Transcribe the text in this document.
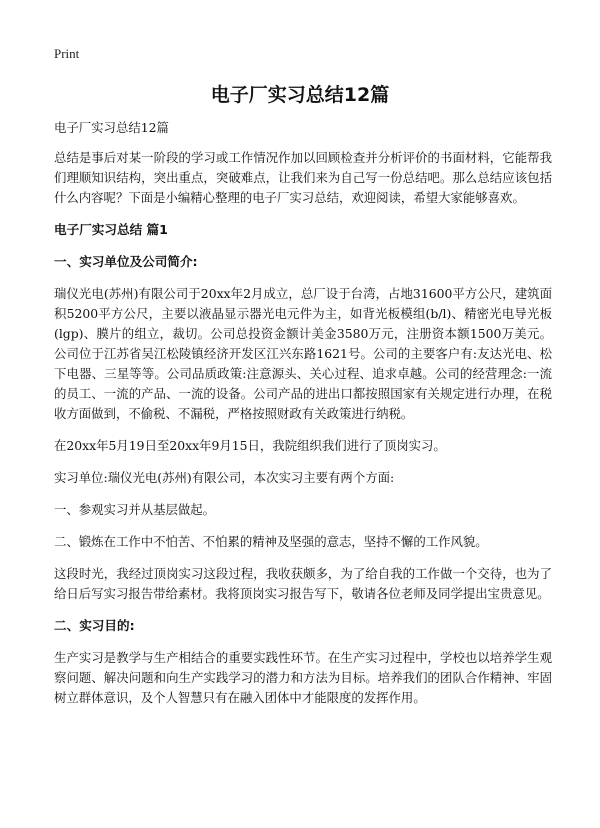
Print
电子厂实习总结12篇

电子厂实习总结12篇

总结是事后对某一阶段的学习或工作情况作加以回顾检查并分析评价的书面材料，它能帮我们理顺知识结构，突出重点，突破难点，让我们来为自己写一份总结吧。那么总结应该包括什么内容呢？下面是小编精心整理的电子厂实习总结，欢迎阅读，希望大家能够喜欢。

电子厂实习总结 篇1
一、实习单位及公司简介:

瑞仪光电(苏州)有限公司于20xx年2月成立，总厂设于台湾，占地31600平方公尺，建筑面积5200平方公尺，主要以液晶显示器光电元件为主，如背光板模组(b/l)、精密光电导光板(lgp)、膜片的组立，裁切。公司总投资金额计美金3580万元，注册资本额1500万美元。公司位于江苏省吴江松陵镇经济开发区江兴东路1621号。公司的主要客户有:友达光电、松下电器、三星等等。公司品质政策:注意源头、关心过程、追求卓越。公司的经营理念:一流的员工、一流的产品、一流的设备。公司产品的进出口都按照国家有关规定进行办理，在税收方面做到，不偷税、不漏税，严格按照财政有关政策进行纳税。

在20xx年5月19日至20xx年9月15日，我院组织我们进行了顶岗实习。

实习单位:瑞仪光电(苏州)有限公司，本次实习主要有两个方面:

一、参观实习并从基层做起。

二、锻炼在工作中不怕苦、不怕累的精神及坚强的意志，坚持不懈的工作风貌。

这段时光，我经过顶岗实习这段过程，我收获颇多，为了给自我的工作做一个交待，也为了给日后写实习报告带给素材。我将顶岗实习报告写下，敬请各位老师及同学提出宝贵意见。

二、实习目的:

生产实习是教学与生产相结合的重要实践性环节。在生产实习过程中，学校也以培养学生观察问题、解决问题和向生产实践学习的潜力和方法为目标。培养我们的团队合作精神、牢固树立群体意识，及个人智慧只有在融入团体中才能限度的发挥作用。
